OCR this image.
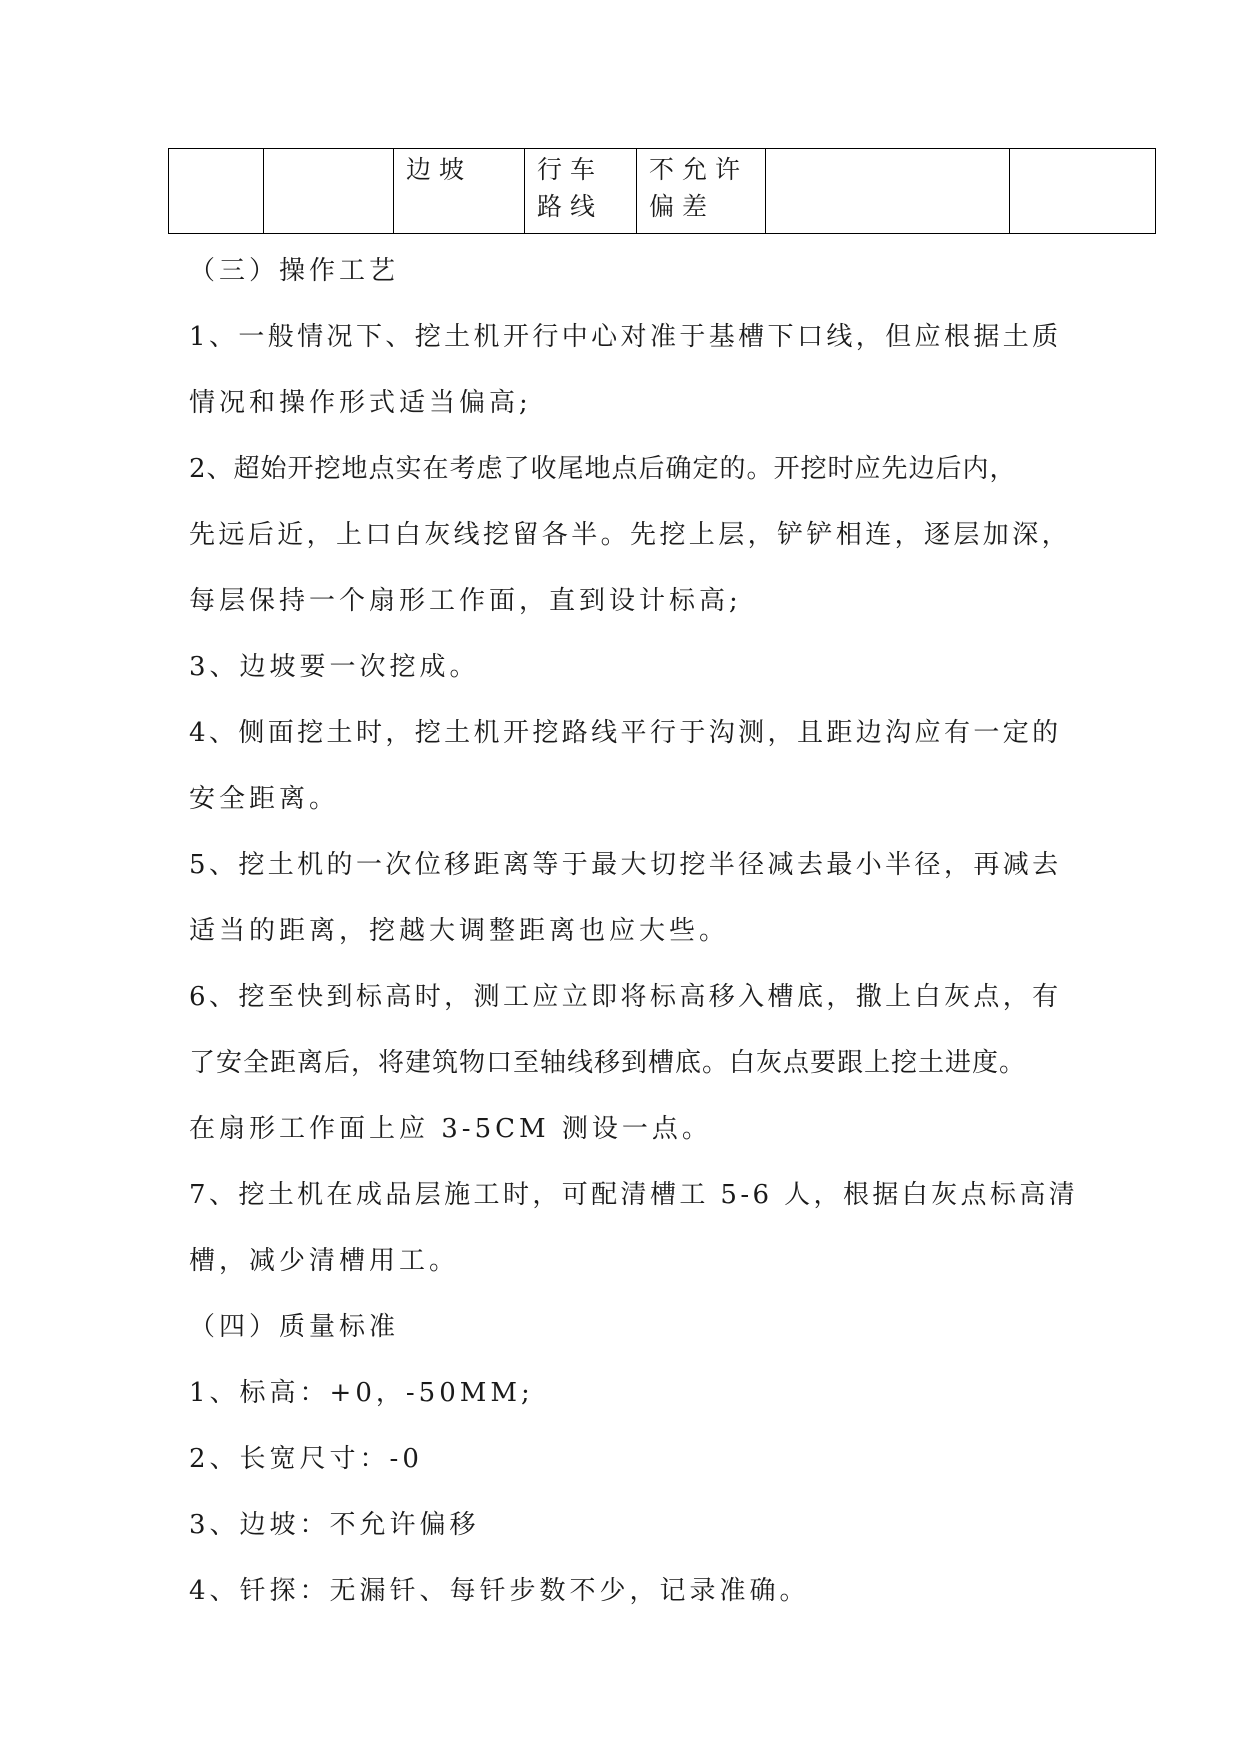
		边坡	行车路线	不允许偏差		
（三）操作工艺
1、一般情况下、挖土机开行中心对准于基槽下口线，但应根据土质
情况和操作形式适当偏高;
2、超始开挖地点实在考虑了收尾地点后确定的。开挖时应先边后内，
先远后近，上口白灰线挖留各半。先挖上层，铲铲相连，逐层加深，
每层保持一个扇形工作面，直到设计标高;
3、边坡要一次挖成。
4、侧面挖土时，挖土机开挖路线平行于沟测，且距边沟应有一定的
安全距离。
5、挖土机的一次位移距离等于最大切挖半径减去最小半径，再减去
适当的距离，挖越大调整距离也应大些。
6、挖至快到标高时，测工应立即将标高移入槽底，撒上白灰点，有
了安全距离后，将建筑物口至轴线移到槽底。白灰点要跟上挖土进度。
在扇形工作面上应 3-5CM 测设一点。
7、挖土机在成品层施工时，可配清槽工 5-6 人，根据白灰点标高清
槽，减少清槽用工。
（四）质量标准
1、标高：+0，-50MM;
2、长宽尺寸：-0
3、边坡：不允许偏移
4、钎探：无漏钎、每钎步数不少，记录准确。
